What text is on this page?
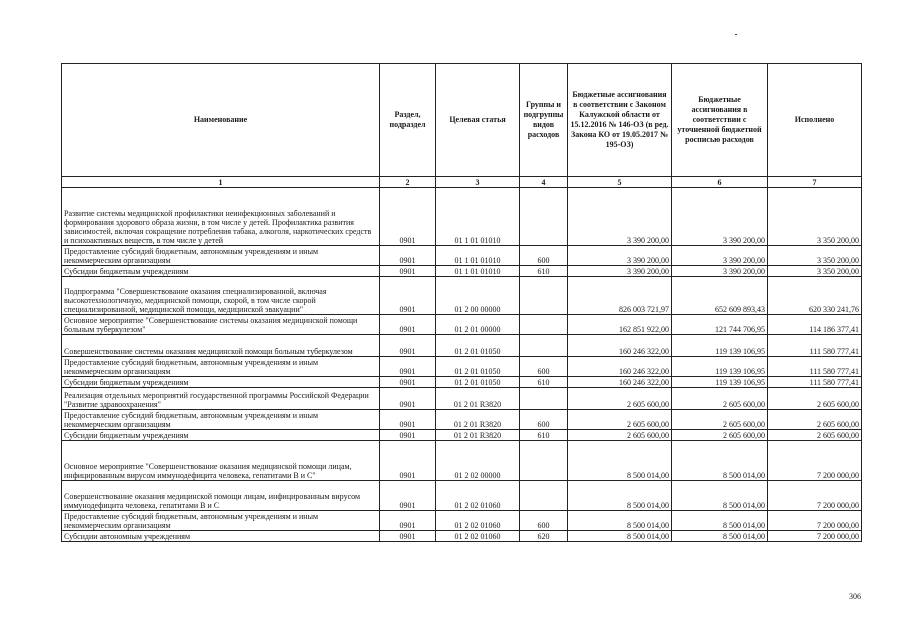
Наименование	Раздел, подраздел	Целевая статья	Группы и подгруппы видов расходов	Бюджетные ассигнования в соответствии с Законом Калужской области от 15.12.2016 № 146-ОЗ (в ред. Закона КО от 19.05.2017 № 195-ОЗ)	Бюджетные ассигнования в соответствии с уточненной бюджетной росписью расходов	Исполнено
1	2	3	4	5	6	7
Развитие системы медицинской профилактики неинфекционных заболеваний и формирования здорового образа жизни, в том числе у детей. Профилактика развития зависимостей, включая сокращение потребления табака, алкоголя, наркотических средств и психоактивных веществ, в том числе у детей	0901	01 1 01 01010		3 390 200,00	3 390 200,00	3 350 200,00
Предоставление субсидий бюджетным, автономным учреждениям и иным некоммерческим организациям	0901	01 1 01 01010	600	3 390 200,00	3 390 200,00	3 350 200,00
Субсидии бюджетным учреждениям	0901	01 1 01 01010	610	3 390 200,00	3 390 200,00	3 350 200,00
Подпрограмма "Совершенствование оказания специализированной, включая высокотехнологичную, медицинской помощи, скорой, в том числе скорой специализированной, медицинской помощи, медицинской эвакуации"	0901	01 2 00 00000		826 003 721,97	652 609 893,43	620 330 241,76
Основное мероприятие "Совершенствование системы оказания медицинской помощи больным туберкулезом"	0901	01 2 01 00000		162 851 922,00	121 744 706,95	114 186 377,41
Совершенствование системы оказания медицинской помощи больным туберкулезом	0901	01 2 01 01050		160 246 322,00	119 139 106,95	111 580 777,41
Предоставление субсидий бюджетным, автономным учреждениям и иным некоммерческим организациям	0901	01 2 01 01050	600	160 246 322,00	119 139 106,95	111 580 777,41
Субсидии бюджетным учреждениям	0901	01 2 01 01050	610	160 246 322,00	119 139 106,95	111 580 777,41
Реализация отдельных мероприятий государственной программы Российской Федерации "Развитие здравоохранения"	0901	01 2 01 R3820		2 605 600,00	2 605 600,00	2 605 600,00
Предоставление субсидий бюджетным, автономным учреждениям и иным некоммерческим организациям	0901	01 2 01 R3820	600	2 605 600,00	2 605 600,00	2 605 600,00
Субсидии бюджетным учреждениям	0901	01 2 01 R3820	610	2 605 600,00	2 605 600,00	2 605 600,00
Основное мероприятие "Совершенствование оказания медицинской помощи лицам, инфицированным вирусом иммунодефицита человека, гепатитами В и С"	0901	01 2 02 00000		8 500 014,00	8 500 014,00	7 200 000,00
Совершенствование оказания медицинской помощи лицам, инфицированным вирусом иммунодефицита человека, гепатитами В и С	0901	01 2 02 01060		8 500 014,00	8 500 014,00	7 200 000,00
Предоставление субсидий бюджетным, автономным учреждениям и иным некоммерческим организациям	0901	01 2 02 01060	600	8 500 014,00	8 500 014,00	7 200 000,00
Субсидии автономным учреждениям	0901	01 2 02 01060	620	8 500 014,00	8 500 014,00	7 200 000,00
306
